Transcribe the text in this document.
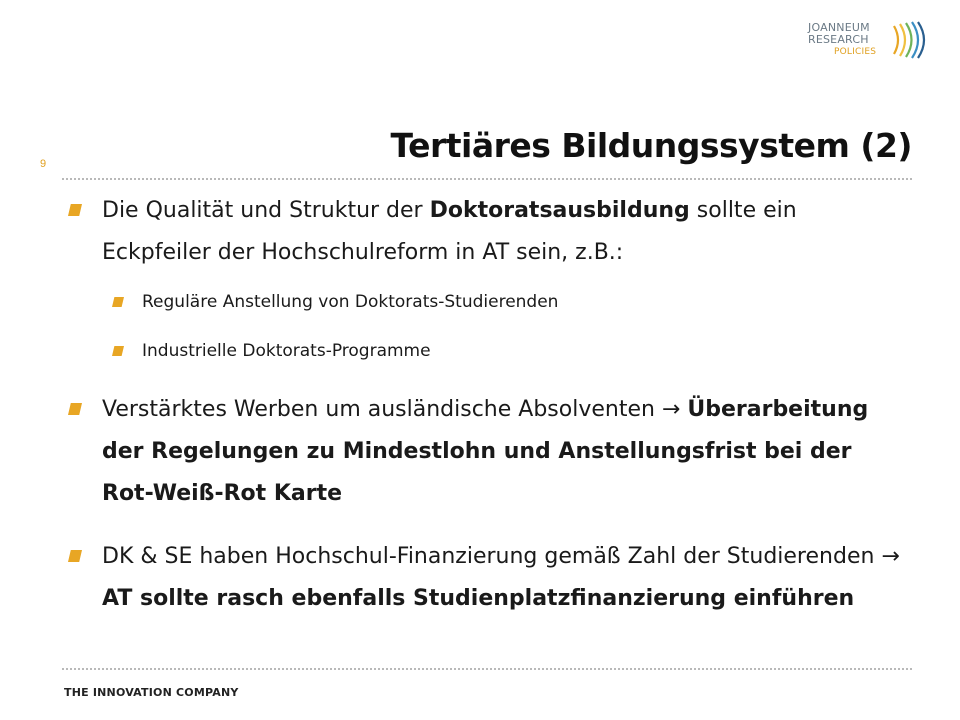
JOANNEUM
RESEARCH
POLICIES
9	Tertiäres Bildungssystem (2)
Die Qualität und Struktur der Doktoratsausbildung sollte ein Eckpfeiler der Hochschulreform in AT sein, z.B.:
Reguläre Anstellung von Doktorats-Studierenden
Industrielle Doktorats-Programme
Verstärktes Werben um ausländische Absolventen → Überarbeitung der Regelungen zu Mindestlohn und Anstellungsfrist bei der Rot-Weiß-Rot Karte
DK & SE haben Hochschul-Finanzierung gemäß Zahl der Studierenden → AT sollte rasch ebenfalls Studienplatzfinanzierung einführen
THE INNOVATION COMPANY
